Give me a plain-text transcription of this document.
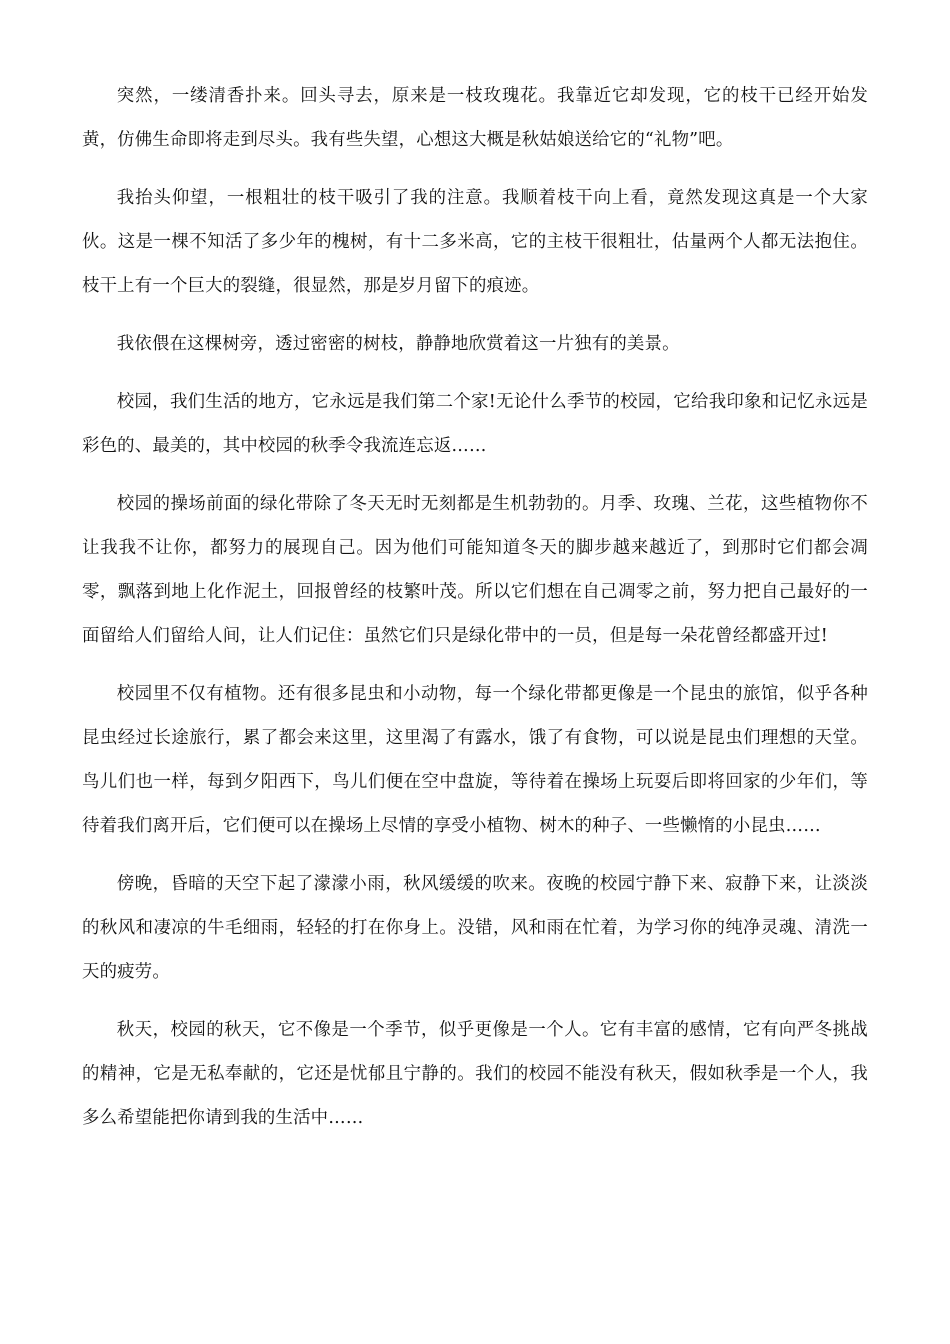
突然，一缕清香扑来。回头寻去，原来是一枝玫瑰花。我靠近它却发现，它的枝干已经开始发黄，仿佛生命即将走到尽头。我有些失望，心想这大概是秋姑娘送给它的“礼物”吧。

我抬头仰望，一根粗壮的枝干吸引了我的注意。我顺着枝干向上看，竟然发现这真是一个大家伙。这是一棵不知活了多少年的槐树，有十二多米高，它的主枝干很粗壮，估量两个人都无法抱住。枝干上有一个巨大的裂缝，很显然，那是岁月留下的痕迹。

我依偎在这棵树旁，透过密密的树枝，静静地欣赏着这一片独有的美景。

校园，我们生活的地方，它永远是我们第二个家!无论什么季节的校园，它给我印象和记忆永远是彩色的、最美的，其中校园的秋季令我流连忘返……

校园的操场前面的绿化带除了冬天无时无刻都是生机勃勃的。月季、玫瑰、兰花，这些植物你不让我我不让你，都努力的展现自己。因为他们可能知道冬天的脚步越来越近了，到那时它们都会凋零，飘落到地上化作泥土，回报曾经的枝繁叶茂。所以它们想在自己凋零之前，努力把自己最好的一面留给人们留给人间，让人们记住：虽然它们只是绿化带中的一员，但是每一朵花曾经都盛开过!

校园里不仅有植物。还有很多昆虫和小动物，每一个绿化带都更像是一个昆虫的旅馆，似乎各种昆虫经过长途旅行，累了都会来这里，这里渴了有露水，饿了有食物，可以说是昆虫们理想的天堂。鸟儿们也一样，每到夕阳西下，鸟儿们便在空中盘旋，等待着在操场上玩耍后即将回家的少年们，等待着我们离开后，它们便可以在操场上尽情的享受小植物、树木的种子、一些懒惰的小昆虫……

傍晚，昏暗的天空下起了濛濛小雨，秋风缓缓的吹来。夜晚的校园宁静下来、寂静下来，让淡淡的秋风和凄凉的牛毛细雨，轻轻的打在你身上。没错，风和雨在忙着，为学习你的纯净灵魂、清洗一天的疲劳。

秋天，校园的秋天，它不像是一个季节，似乎更像是一个人。它有丰富的感情，它有向严冬挑战的精神，它是无私奉献的，它还是忧郁且宁静的。我们的校园不能没有秋天，假如秋季是一个人，我多么希望能把你请到我的生活中……
